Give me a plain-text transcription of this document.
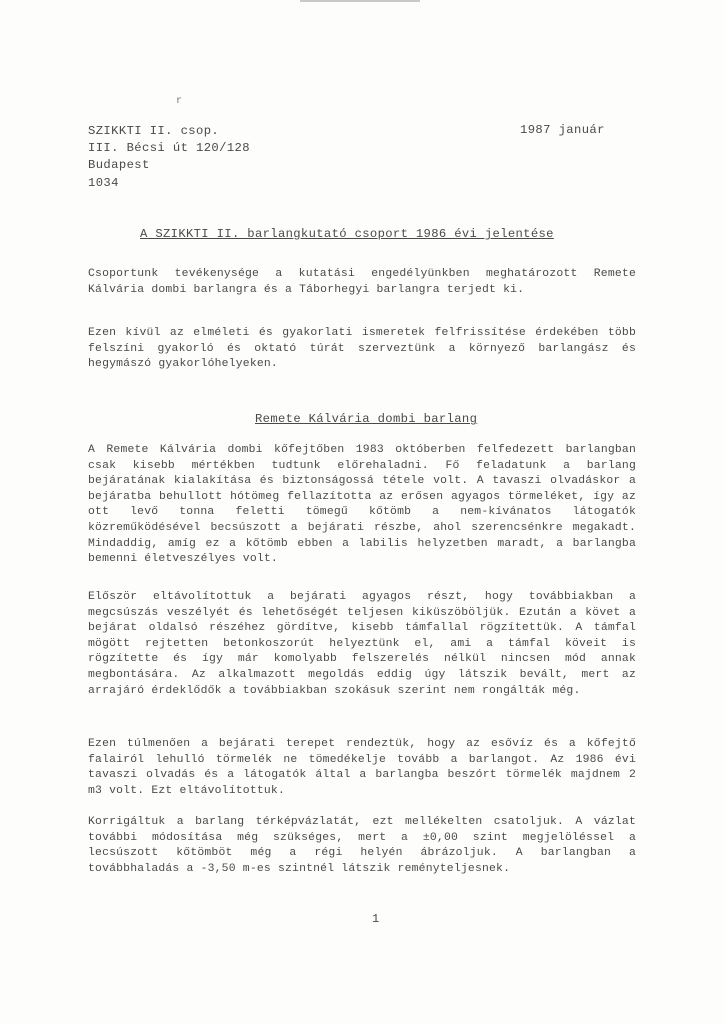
r
SZIKKTI II. csop.
III. Bécsi út 120/128
Budapest
1034
1987 január
A SZIKKTI II. barlangkutató csoport 1986 évi jelentése

Csoportunk tevékenysége a kutatási engedélyünkben meghatározott Remete Kálvária dombi barlangra és a Táborhegyi barlangra terjedt ki.

Ezen kívül az elméleti és gyakorlati ismeretek felfrissítése érdekében több felszíni gyakorló és oktató túrát szerveztünk a környező barlangász és hegymászó gyakorlóhelyeken.

Remete Kálvária dombi barlang

A Remete Kálvária dombi kőfejtőben 1983 októberben felfedezett barlangban csak kisebb mértékben tudtunk előrehaladni. Fő feladatunk a barlang bejáratának kialakítása és biztonságossá tétele volt. A tavaszi olvadáskor a bejáratba behullott hótömeg fellazította az erősen agyagos törmeléket, így az ott levő tonna feletti tömegű kőtömb a nem-kívánatos látogatók közreműködésével becsúszott a bejárati részbe, ahol szerencsénkre megakadt. Mindaddig, amíg ez a kőtömb ebben a labilis helyzetben maradt, a barlangba bemenni életveszélyes volt.

Először eltávolítottuk a bejárati agyagos részt, hogy továbbiakban a megcsúszás veszélyét és lehetőségét teljesen kiküszöböljük. Ezután a követ a bejárat oldalsó részéhez gördítve, kisebb támfallal rögzítettük. A támfal mögött rejtetten betonkoszorút helyeztünk el, ami a támfal köveit is rögzítette és így már komolyabb felszerelés nélkül nincsen mód annak megbontására. Az alkalmazott megoldás eddig úgy látszik bevált, mert az arrajáró érdeklődők a továbbiakban szokásuk szerint nem rongálták még.

Ezen túlmenően a bejárati terepet rendeztük, hogy az esővíz és a kőfejtő falairól lehulló törmelék ne tömedékelje tovább a barlangot. Az 1986 évi tavaszi olvadás és a látogatók által a barlangba beszórt törmelék majdnem 2 m3 volt. Ezt eltávolítottuk.

Korrigáltuk a barlang térképvázlatát, ezt mellékelten csatoljuk. A vázlat további módosítása még szükséges, mert a ±0,00 szint megjelöléssel a lecsúszott kőtömböt még a régi helyén ábrázoljuk. A barlangban a továbbhaladás a -3,50 m-es szintnél látszik reményteljesnek.

1
